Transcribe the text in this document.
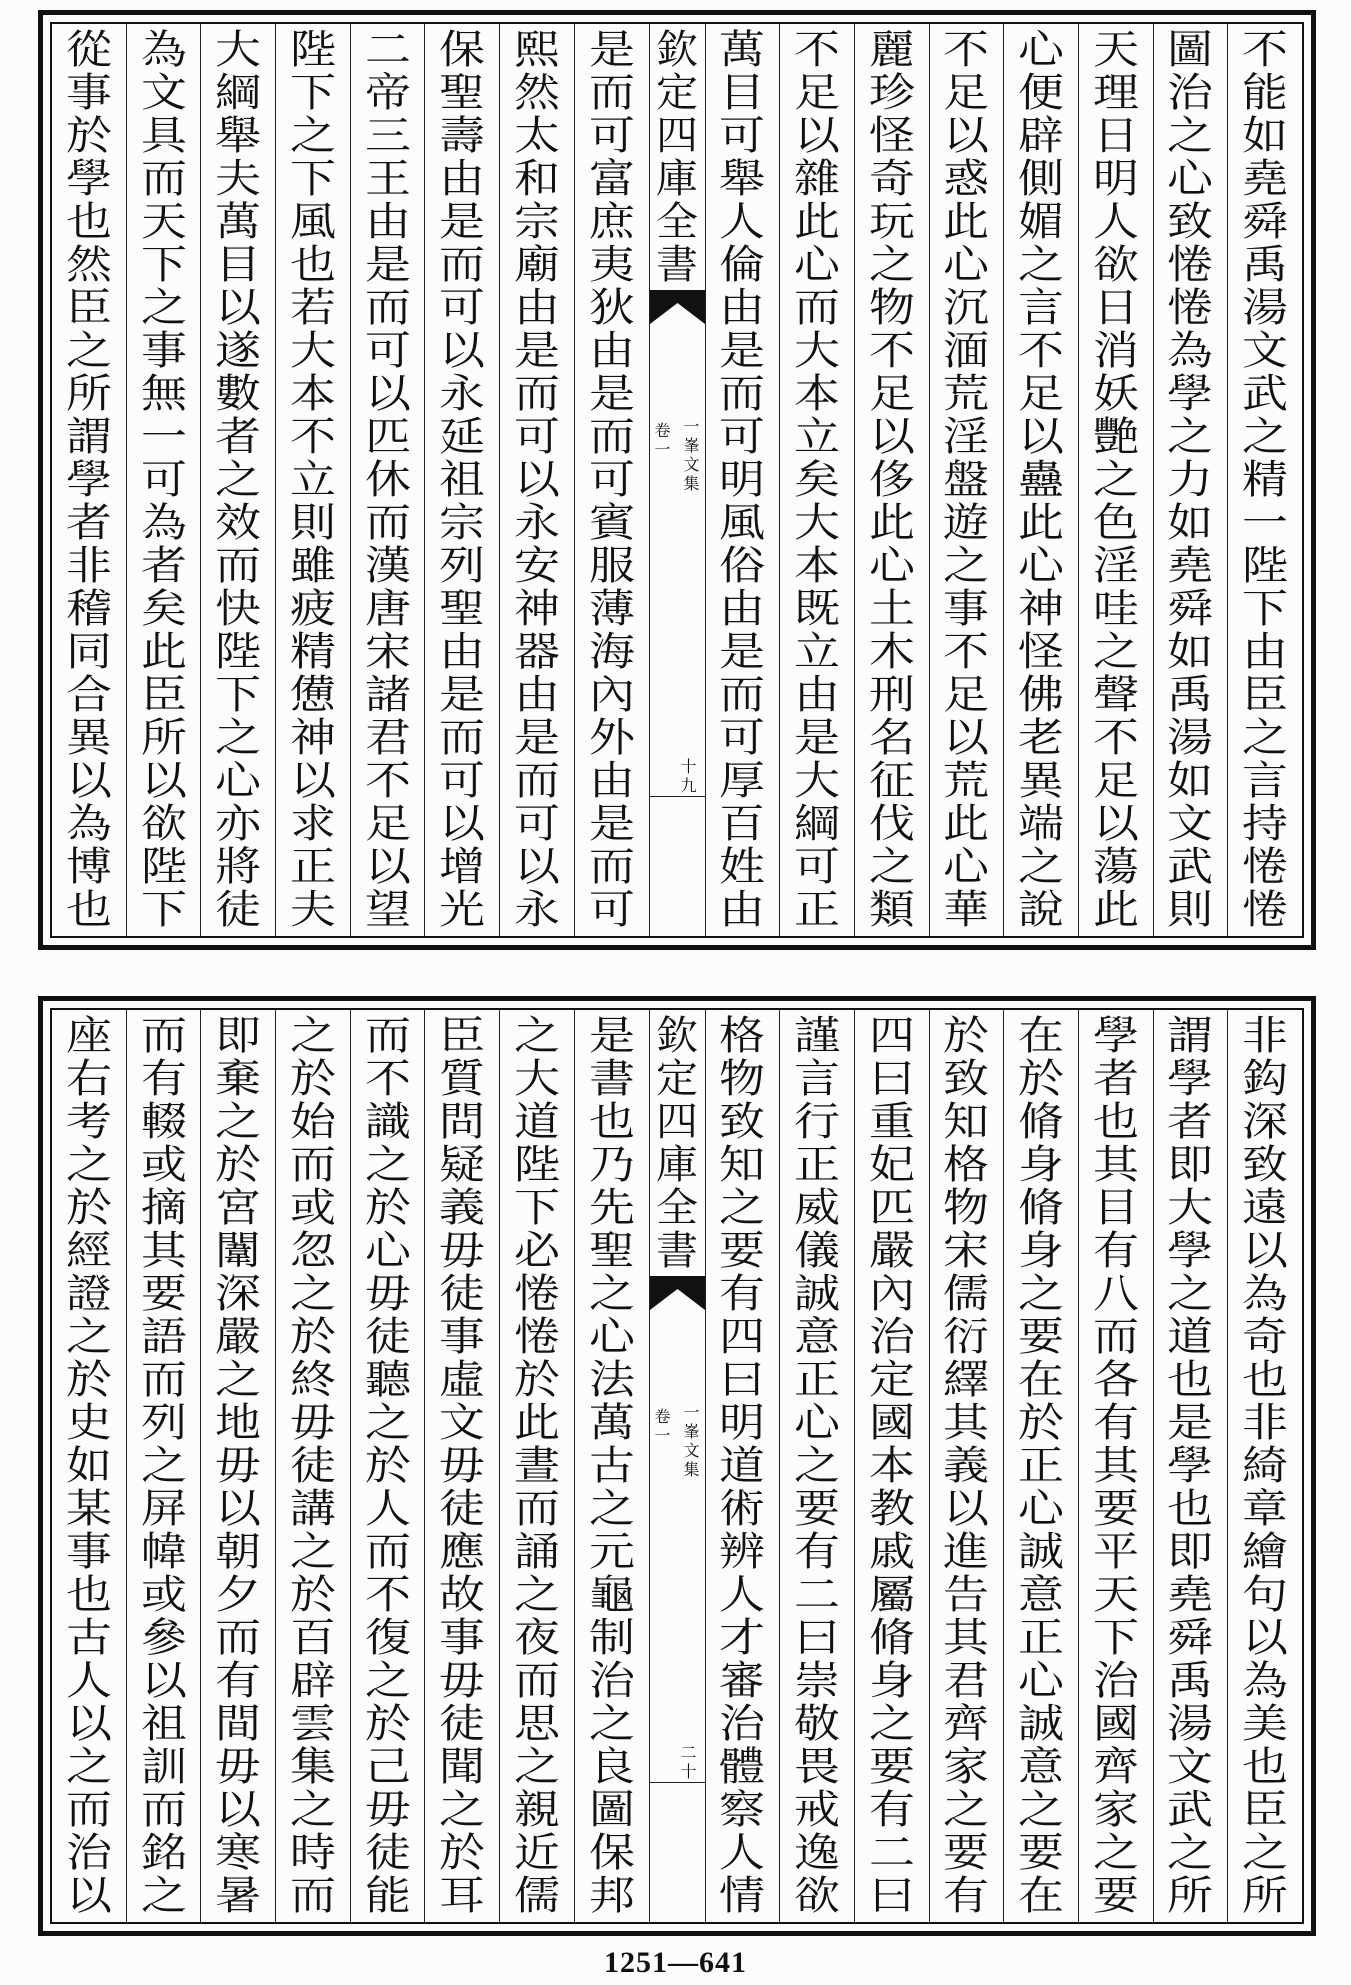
不
能
如
堯
舜
禹
湯
文
武
之
精
一
陛
下
由
臣
之
言
持
惓
惓
圖
治
之
心
致
惓
惓
為
學
之
力
如
堯
舜
如
禹
湯
如
文
武
則
天
理
日
明
人
欲
日
消
妖
艷
之
色
淫
哇
之
聲
不
足
以
蕩
此
心
便
辟
側
媚
之
言
不
足
以
蠱
此
心
神
怪
佛
老
異
端
之
說
不
足
以
惑
此
心
沉
湎
荒
淫
盤
遊
之
事
不
足
以
荒
此
心
華
麗
珍
怪
奇
玩
之
物
不
足
以
侈
此
心
土
木
刑
名
征
伐
之
類
不
足
以
雜
此
心
而
大
本
立
矣
大
本
既
立
由
是
大
綱
可
正
萬
目
可
舉
人
倫
由
是
而
可
明
風
俗
由
是
而
可
厚
百
姓
由
欽
定
四
庫
全
書
一
峯
文
集
卷
一
十
九
是
而
可
富
庶
夷
狄
由
是
而
可
賓
服
薄
海
內
外
由
是
而
可
熙
然
太
和
宗
廟
由
是
而
可
以
永
安
神
器
由
是
而
可
以
永
保
聖
壽
由
是
而
可
以
永
延
祖
宗
列
聖
由
是
而
可
以
增
光
二
帝
三
王
由
是
而
可
以
匹
休
而
漢
唐
宋
諸
君
不
足
以
望
陛
下
之
下
風
也
若
大
本
不
立
則
雖
疲
精
憊
神
以
求
正
夫
大
綱
舉
夫
萬
目
以
遂
數
者
之
效
而
快
陛
下
之
心
亦
將
徒
為
文
具
而
天
下
之
事
無
一
可
為
者
矣
此
臣
所
以
欲
陛
下
從
事
於
學
也
然
臣
之
所
謂
學
者
非
稽
同
合
異
以
為
博
也
非
鈎
深
致
遠
以
為
奇
也
非
綺
章
繪
句
以
為
美
也
臣
之
所
謂
學
者
即
大
學
之
道
也
是
學
也
即
堯
舜
禹
湯
文
武
之
所
學
者
也
其
目
有
八
而
各
有
其
要
平
天
下
治
國
齊
家
之
要
在
於
脩
身
脩
身
之
要
在
於
正
心
誠
意
正
心
誠
意
之
要
在
於
致
知
格
物
宋
儒
衍
繹
其
義
以
進
告
其
君
齊
家
之
要
有
四
曰
重
妃
匹
嚴
內
治
定
國
本
教
戚
屬
脩
身
之
要
有
二
曰
謹
言
行
正
威
儀
誠
意
正
心
之
要
有
二
曰
崇
敬
畏
戒
逸
欲
格
物
致
知
之
要
有
四
曰
明
道
術
辨
人
才
審
治
體
察
人
情
欽
定
四
庫
全
書
一
峯
文
集
卷
一
二
十
是
書
也
乃
先
聖
之
心
法
萬
古
之
元
龜
制
治
之
良
圖
保
邦
之
大
道
陛
下
必
惓
惓
於
此
晝
而
誦
之
夜
而
思
之
親
近
儒
臣
質
問
疑
義
毋
徒
事
虛
文
毋
徒
應
故
事
毋
徒
聞
之
於
耳
而
不
識
之
於
心
毋
徒
聽
之
於
人
而
不
復
之
於
己
毋
徒
能
之
於
始
而
或
忽
之
於
終
毋
徒
講
之
於
百
辟
雲
集
之
時
而
即
棄
之
於
宮
闈
深
嚴
之
地
毋
以
朝
夕
而
有
間
毋
以
寒
暑
而
有
輟
或
摘
其
要
語
而
列
之
屏
幃
或
參
以
祖
訓
而
銘
之
座
右
考
之
於
經
證
之
於
史
如
某
事
也
古
人
以
之
而
治
以
1251—641
